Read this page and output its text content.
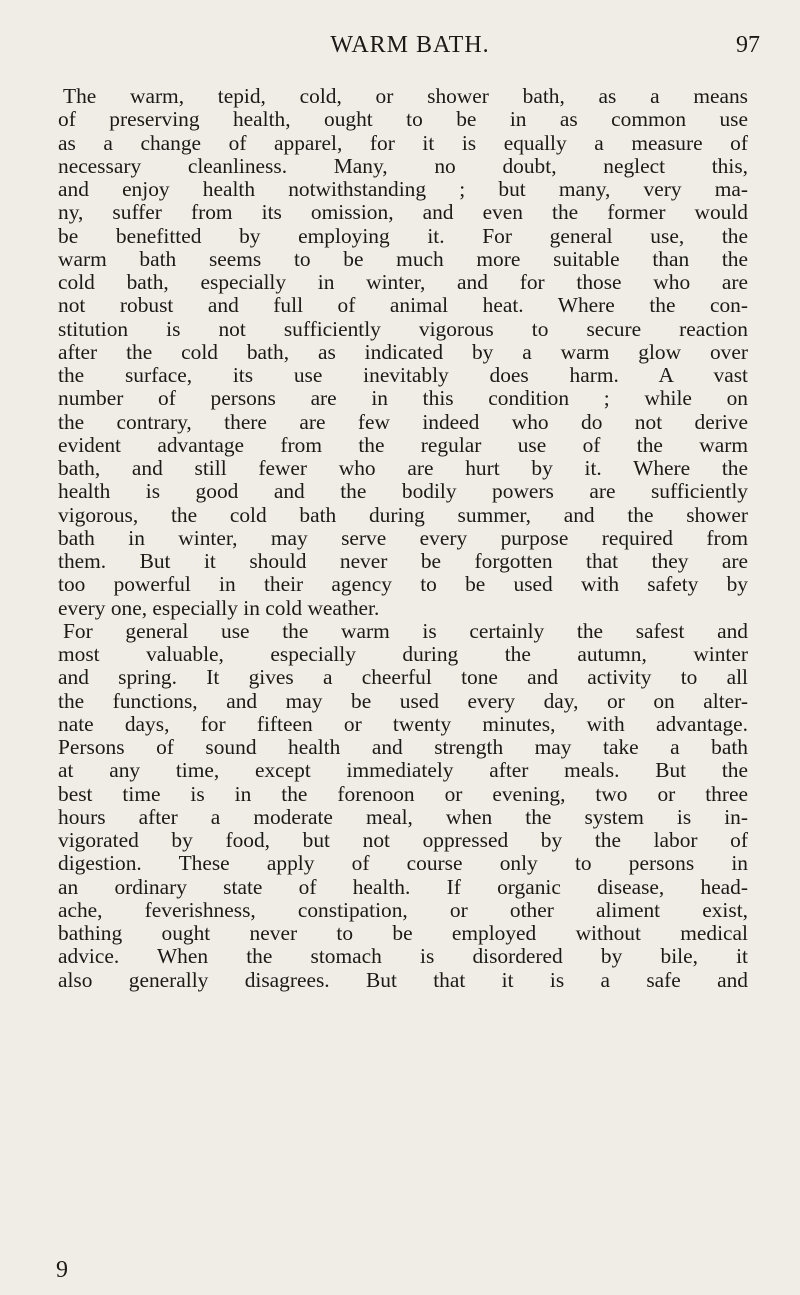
WARM BATH.	97
The warm, tepid, cold, or shower bath, as a means
of preserving health, ought to be in as common use
as a change of apparel, for it is equally a measure of
necessary cleanliness. Many, no doubt, neglect this,
and enjoy health notwithstanding ; but many, very ma-
ny, suffer from its omission, and even the former would
be benefitted by employing it. For general use, the
warm bath seems to be much more suitable than the
cold bath, especially in winter, and for those who are
not robust and full of animal heat. Where the con-
stitution is not sufficiently vigorous to secure reaction
after the cold bath, as indicated by a warm glow over
the surface, its use inevitably does harm. A vast
number of persons are in this condition ; while on
the contrary, there are few indeed who do not derive
evident advantage from the regular use of the warm
bath, and still fewer who are hurt by it. Where the
health is good and the bodily powers are sufficiently
vigorous, the cold bath during summer, and the shower
bath in winter, may serve every purpose required from
them. But it should never be forgotten that they are
too powerful in their agency to be used with safety by
every one, especially in cold weather.
For general use the warm is certainly the safest and
most valuable, especially during the autumn, winter
and spring. It gives a cheerful tone and activity to all
the functions, and may be used every day, or on alter-
nate days, for fifteen or twenty minutes, with advantage.
Persons of sound health and strength may take a bath
at any time, except immediately after meals. But the
best time is in the forenoon or evening, two or three
hours after a moderate meal, when the system is in-
vigorated by food, but not oppressed by the labor of
digestion. These apply of course only to persons in
an ordinary state of health. If organic disease, head-
ache, feverishness, constipation, or other aliment exist,
bathing ought never to be employed without medical
advice. When the stomach is disordered by bile, it
also generally disagrees. But that it is a safe and
9
